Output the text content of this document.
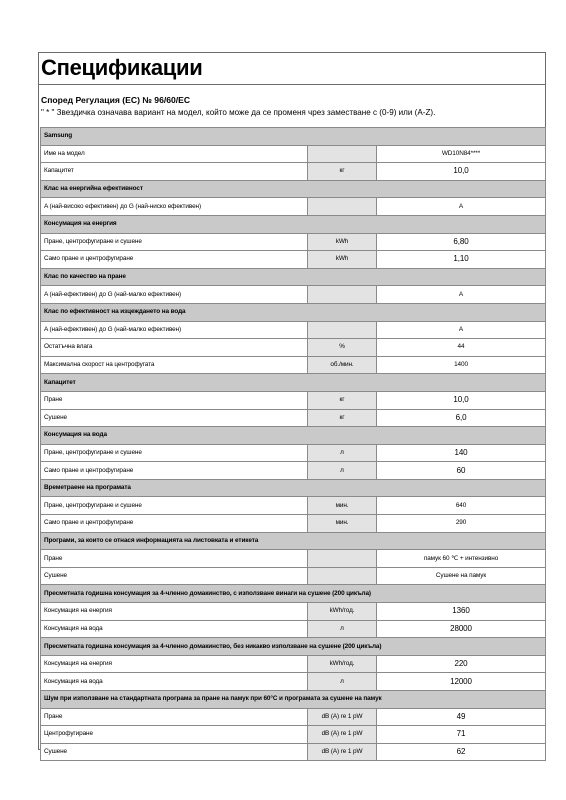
Спецификации
Според Регулация (ЕС) № 96/60/ЕС
" * " Звездичка означава вариант на модел, който може да се променя чрез заместване с (0-9) или (A-Z).
Samsung		
Име на модел		WD10N84****
Капацитет	кг	10,0
Клас на енергийна ефективност		
A (най-високо ефективен) до G (най-ниско ефективен)		A
Консумация на енергия		
Пране, центрофугиране и сушене	kWh	6,80
Само пране и центрофугиране	kWh	1,10
Клас по качество на пране		
A (най-ефективен) до G (най-малко ефективен)		A
Клас по ефективност на изцеждането на вода		
A (най-ефективен) до G (най-малко ефективен)		A
Остатъчна влага	%	44
Максимална скорост на центрофугата	об./мин.	1400
Капацитет		
Пране	кг	10,0
Сушене	кг	6,0
Консумация на вода		
Пране, центрофугиране и сушене	л	140
Само пране и центрофугиране	л	60
Времетраене на програмата		
Пране, центрофугиране и сушене	мин.	640
Само пране и центрофугиране	мин.	290
Програми, за които се отнася информацията на листовката и етикета		
Пране		памук 60 ℃ + интензивно
Сушене		Сушене на памук
Пресметната годишна консумация за 4-членно домакинство, с използване винаги на сушене (200 цикъла)		
Консумация на енергия	kWh/год.	1360
Консумация на вода	л	28000
Пресметната годишна консумация за 4-членно домакинство, без никакво използване на сушене (200 цикъла)		
Консумация на енергия	kWh/год.	220
Консумация на вода	л	12000
Шум при използване на стандартната програма за пране на памук при 60°C и програмата за сушене на памук		
Пране	dB (A) re 1 pW	49
Центрофугиране	dB (A) re 1 pW	71
Сушене	dB (A) re 1 pW	62
